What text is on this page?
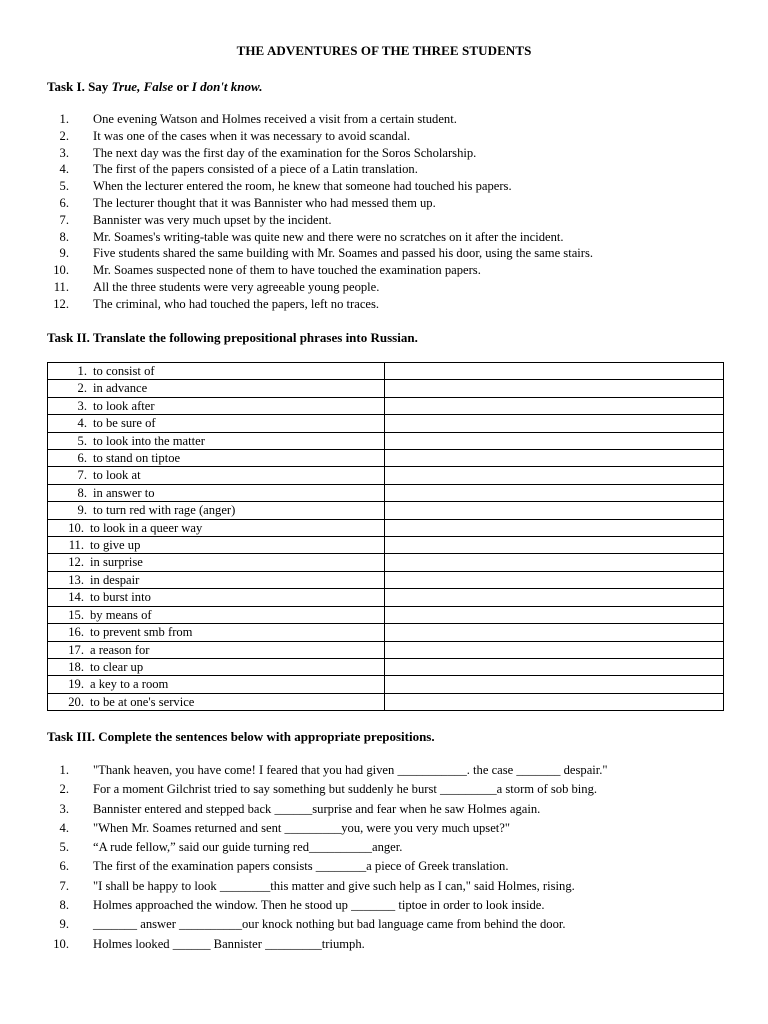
THE ADVENTURES OF THE THREE STUDENTS
Task I. Say True, False or I don't know.
1. One evening Watson and Holmes received a visit from a certain student.
2. It was one of the cases when it was necessary to avoid scandal.
3. The next day was the first day of the examination for the Soros Scholarship.
4. The first of the papers consisted of a piece of a Latin translation.
5. When the lecturer entered the room, he knew that someone had touched his papers.
6. The lecturer thought that it was Bannister who had messed them up.
7. Bannister was very much upset by the incident.
8. Mr. Soames's writing-table was quite new and there were no scratches on it after the incident.
9. Five students shared the same building with Mr. Soames and passed his door, using the same stairs.
10. Mr. Soames suspected none of them to have touched the examination papers.
11. All the three students were very agreeable young people.
12. The criminal, who had touched the papers, left no traces.
Task II. Translate the following prepositional phrases into Russian.
1. to consist of	
2. in advance	
3. to look after	
4. to be sure of	
5. to look into the matter	
6. to stand on tiptoe	
7. to look at	
8. in answer to	
9. to turn red with rage (anger)	
10. to look in a queer way	
11. to give up	
12. in surprise	
13. in despair	
14. to burst into	
15. by means of	
16. to prevent smb from	
17. a reason for	
18. to clear up	
19. a key to a room	
20. to be at one's service	
Task III. Complete the sentences below with appropriate prepositions.
1. "Thank heaven, you have come! I feared that you had given ___________. the case _______ despair."
2. For a moment Gilchrist tried to say something but suddenly he burst _________a storm of sob bing.
3. Bannister entered and stepped back ______surprise and fear when he saw Holmes again.
4. "When Mr. Soames returned and sent _________you, were you very much upset?"
5. “A rude fellow,” said our guide turning red__________anger.
6. The first of the examination papers consists ________a piece of Greek translation.
7. "I shall be happy to look ________this matter and give such help as I can," said Holmes, rising.
8. Holmes approached the window. Then he stood up _______ tiptoe in order to look inside.
9. _______ answer __________our knock nothing but bad language came from behind the door.
10. Holmes looked ______ Bannister _________triumph.
